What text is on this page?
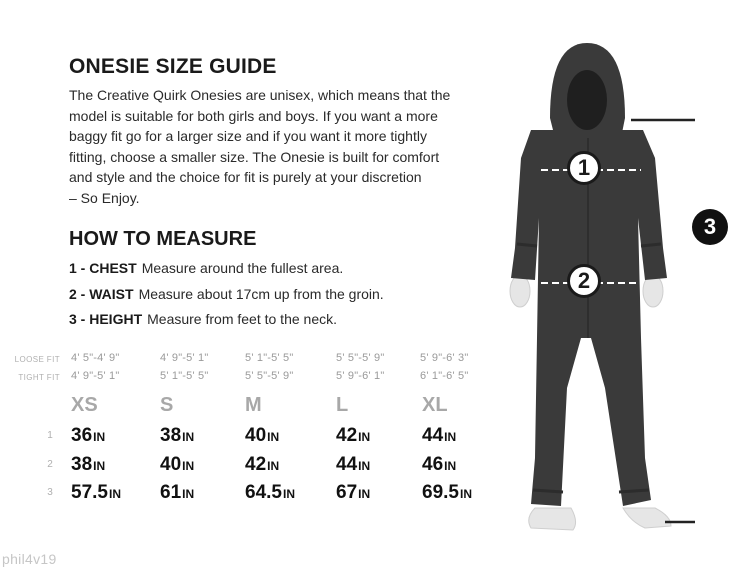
ONESIE SIZE GUIDE
The Creative Quirk Onesies are unisex, which means that the
model is suitable for both girls and boys. If you want a more
baggy fit go for a larger size and if you want it more tightly
fitting, choose a smaller size. The Onesie is built for comfort
and style and the choice for fit is purely at your discretion
– So Enjoy.
HOW TO MEASURE
1 - CHEST Measure around the fullest area.
2 - WAIST Measure about 17cm up from the groin.
3 - HEIGHT Measure from feet to the neck.
LOOSE FIT
TIGHT FIT
1
2
3
4' 5"-4' 9"
4' 9"-5' 1"
XS
36IN
38IN
57.5IN
4' 9"-5' 1"
5' 1"-5' 5"
S
38IN
40IN
61IN
5' 1"-5' 5"
5' 5"-5' 9"
M
40IN
42IN
64.5IN
5' 5"-5' 9"
5' 9"-6' 1"
L
42IN
44IN
67IN
5' 9"-6' 3"
6' 1"-6' 5"
XL
44IN
46IN
69.5IN
1
2
3
phil4v19
